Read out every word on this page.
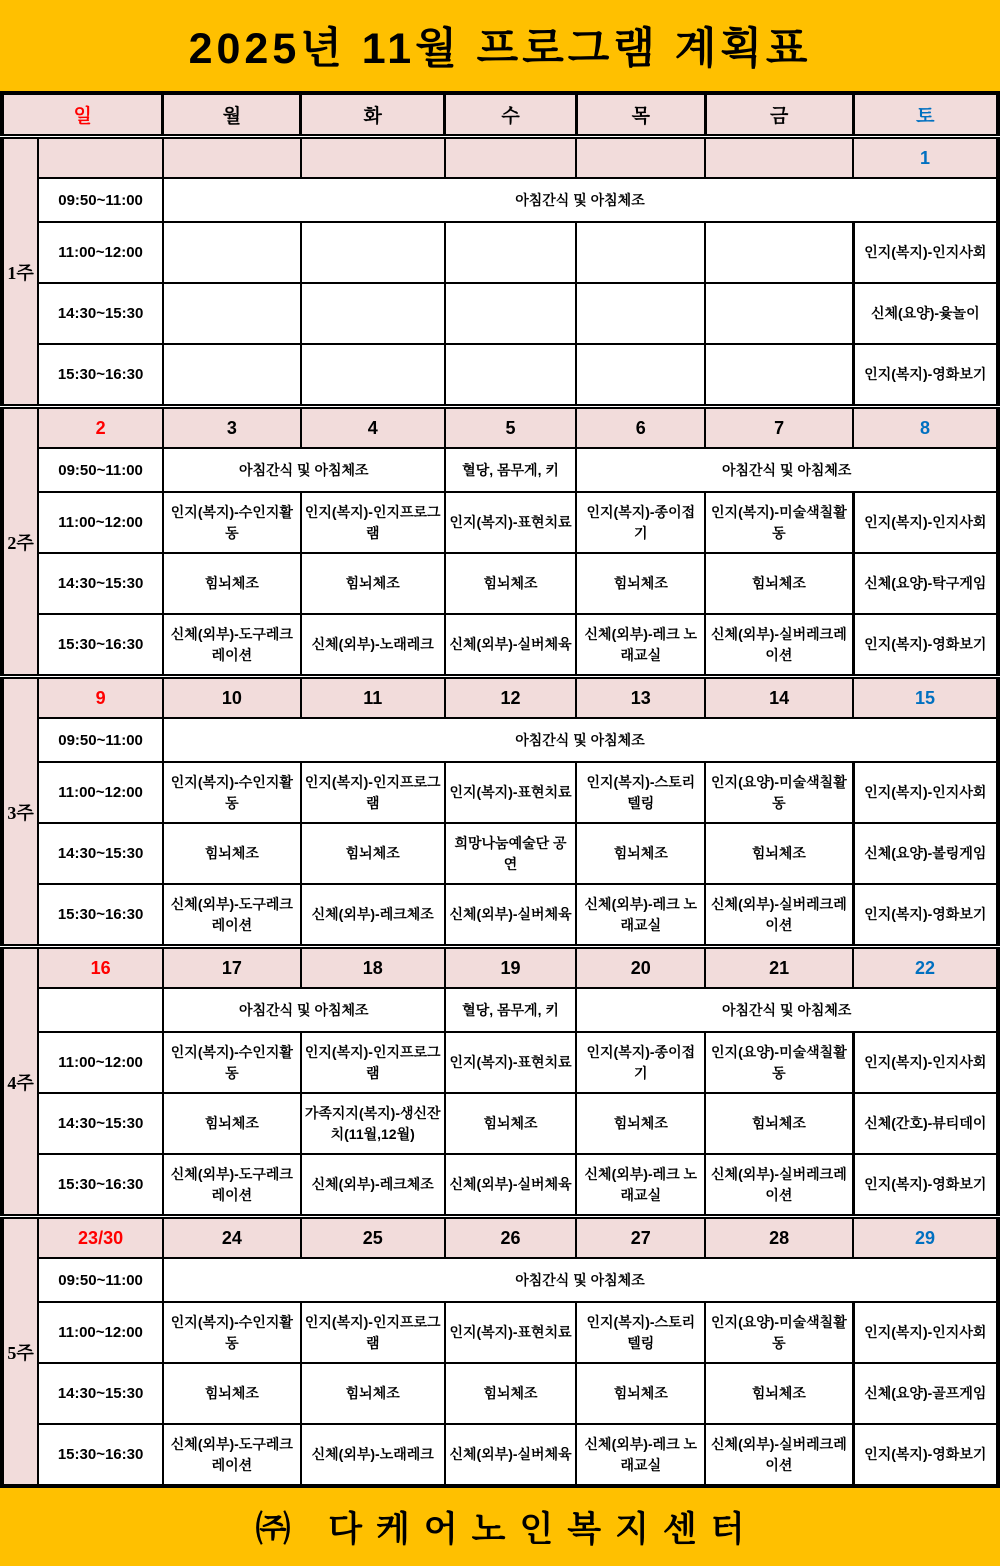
2025년 11월 프로그램 계획표
일		월	화	수	목	금	토
1주							1
	09:50~11:00	아침간식 및 아침체조					
	11:00~12:00						인지(복지)-인지사회
	14:30~15:30						신체(요양)-윷놀이
	15:30~16:30						인지(복지)-영화보기
2주	2	3	4	5	6	7	8
	09:50~11:00	아침간식 및 아침체조		혈당, 몸무게, 키	아침간식 및 아침체조		
	11:00~12:00	인지(복지)-수인지활동	인지(복지)-인지프로그램	인지(복지)-표현치료	인지(복지)-종이접기	인지(복지)-미술색칠활동	인지(복지)-인지사회
	14:30~15:30	힘뇌체조	힘뇌체조	힘뇌체조	힘뇌체조	힘뇌체조	신체(요양)-탁구게임
	15:30~16:30	신체(외부)-도구레크레이션	신체(외부)-노래레크	신체(외부)-실버체육	신체(외부)-레크 노래교실	신체(외부)-실버레크레이션	인지(복지)-영화보기
3주	9	10	11	12	13	14	15
	09:50~11:00	아침간식 및 아침체조					
	11:00~12:00	인지(복지)-수인지활동	인지(복지)-인지프로그램	인지(복지)-표현치료	인지(복지)-스토리텔링	인지(요양)-미술색칠활동	인지(복지)-인지사회
	14:30~15:30	힘뇌체조	힘뇌체조	희망나눔예술단 공연	힘뇌체조	힘뇌체조	신체(요양)-볼링게임
	15:30~16:30	신체(외부)-도구레크레이션	신체(외부)-레크체조	신체(외부)-실버체육	신체(외부)-레크 노래교실	신체(외부)-실버레크레이션	인지(복지)-영화보기
4주	16	17	18	19	20	21	22
		아침간식 및 아침체조		혈당, 몸무게, 키	아침간식 및 아침체조		
	11:00~12:00	인지(복지)-수인지활동	인지(복지)-인지프로그램	인지(복지)-표현치료	인지(복지)-종이접기	인지(요양)-미술색칠활동	인지(복지)-인지사회
	14:30~15:30	힘뇌체조	가족지지(복지)-생신잔치(11월,12월)	힘뇌체조	힘뇌체조	힘뇌체조	신체(간호)-뷰티데이
	15:30~16:30	신체(외부)-도구레크레이션	신체(외부)-레크체조	신체(외부)-실버체육	신체(외부)-레크 노래교실	신체(외부)-실버레크레이션	인지(복지)-영화보기
5주	23/30	24	25	26	27	28	29
	09:50~11:00	아침간식 및 아침체조					
	11:00~12:00	인지(복지)-수인지활동	인지(복지)-인지프로그램	인지(복지)-표현치료	인지(복지)-스토리텔링	인지(요양)-미술색칠활동	인지(복지)-인지사회
	14:30~15:30	힘뇌체조	힘뇌체조	힘뇌체조	힘뇌체조	힘뇌체조	신체(요양)-골프게임
	15:30~16:30	신체(외부)-도구레크레이션	신체(외부)-노래레크	신체(외부)-실버체육	신체(외부)-레크 노래교실	신체(외부)-실버레크레이션	인지(복지)-영화보기
㈜ 다케어노인복지센터
